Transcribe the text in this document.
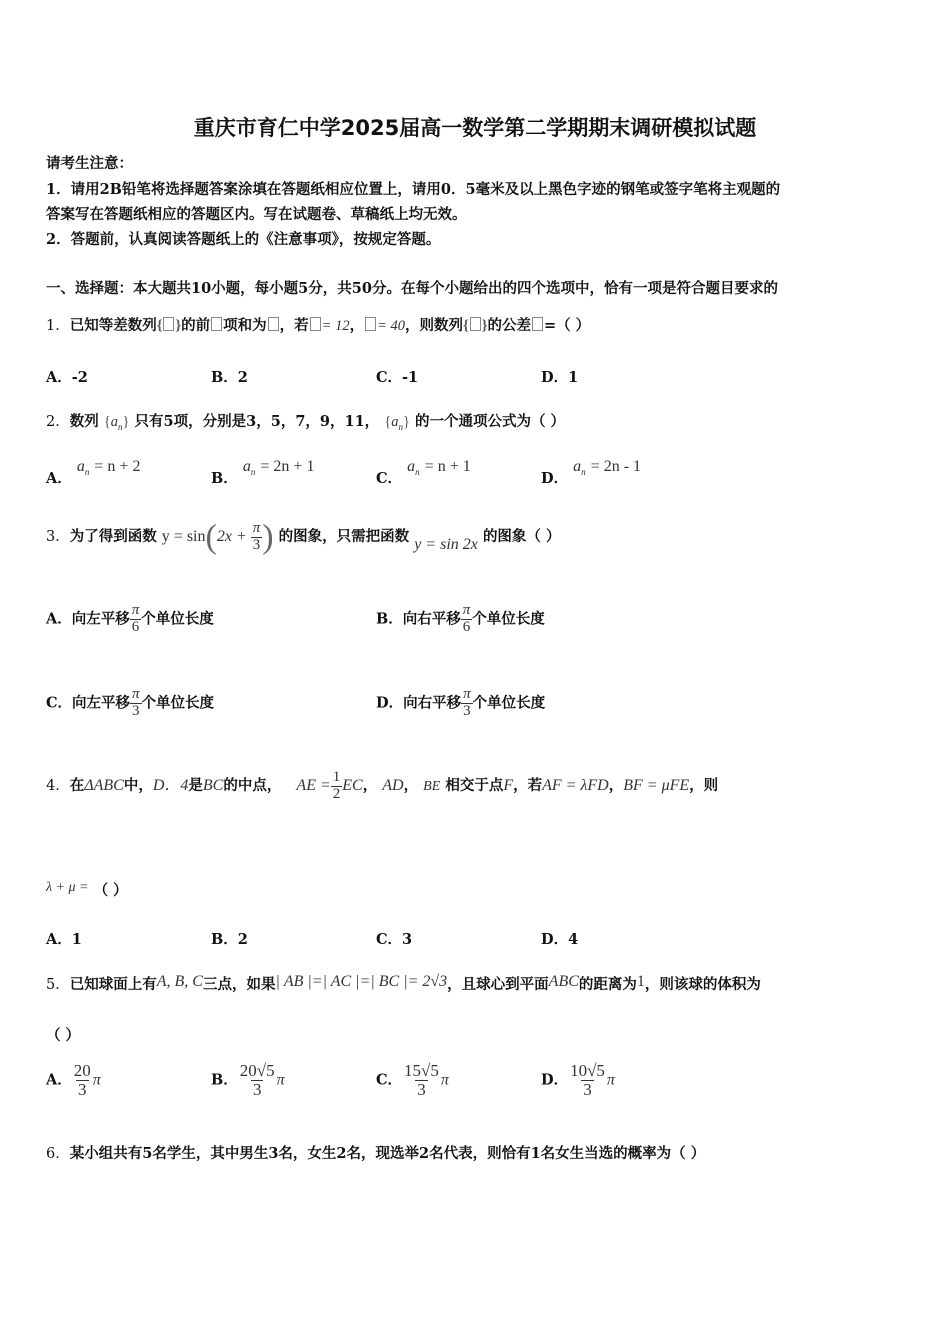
重庆市育仁中学2025届高一数学第二学期期末调研模拟试题
请考生注意：
1．请用2B铅笔将选择题答案涂填在答题纸相应位置上，请用0．5毫米及以上黑色字迹的钢笔或签字笔将主观题的
答案写在答题纸相应的答题区内。写在试题卷、草稿纸上均无效。
2．答题前，认真阅读答题纸上的《注意事项》，按规定答题。
一、选择题：本大题共10小题，每小题5分，共50分。在每个小题给出的四个选项中，恰有一项是符合题目要求的
1．已知等差数列{ }的前 项和为 ，若 = 12， = 40，则数列{ }的公差 =（ ）
A．-2	B．2	C．-1	D．1
2．数列 $\{a_n\}$ 只有5项，分别是3，5，7，9，11， $\{a_n\}$ 的一个通项公式为（ ）
A． $a_n = n + 2$
B． $a_n = 2n + 1$
C． $a_n = n + 1$
D． $a_n = 2n - 1$
3．为了得到函数 $y = \sin(2x + \frac{\pi}{3}$ ) 的图象，只需把函数 y = sin 2x 的图象（ ）
A．向左平移 $\frac{\pi}{6}$ 个单位长度	B．向右平移 $\frac{\pi}{6}$ 个单位长度
C．向左平移 $\frac{\pi}{3}$ 个单位长度	D．向右平移 $\frac{\pi}{3}$ 个单位长度
4．在ΔABC中，D．4是BC的中点， AE = $\frac{1}{2}$ EC， AD， BE 相交于点F，若AF = λFD，BF = μFE，则
λ + μ = （ ）
A．1	B．2	C．3	D．4
5．已知球面上有A, B, C三点，如果| AB |=| AC |=| BC |= 2√3，且球心到平面ABC的距离为1，则该球的体积为
（ ）
A． $\frac{20}{3}$ π	B． $\frac{20√5}{3}$ π	C． $\frac{15√5}{3}$ π	D． $\frac{10√5}{3}$ π
6．某小组共有5名学生，其中男生3名，女生2名，现选举2名代表，则恰有1名女生当选的概率为（ ）
